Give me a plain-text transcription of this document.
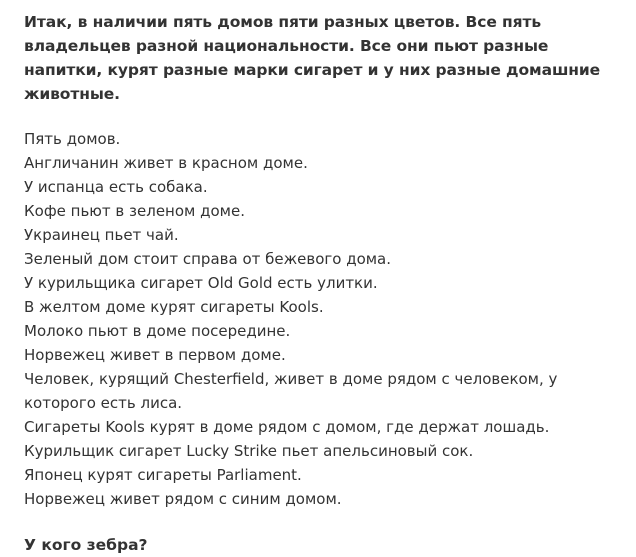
Итак, в наличии пять домов пяти разных цветов. Все пять владельцев разной национальности. Все они пьют разные напитки, курят разные марки сигарет и у них разные домашние животные.

Пять домов.
Англичанин живет в красном доме.
У испанца есть собака.
Кофе пьют в зеленом доме.
Украинец пьет чай.
Зеленый дом стоит справа от бежевого дома.
У курильщика сигарет Old Gold есть улитки.
В желтом доме курят сигареты Kools.
Молоко пьют в доме посередине.
Норвежец живет в первом доме.
Человек, курящий Chesterfield, живет в доме рядом с человеком, у которого есть лиса.
Сигареты Kools курят в доме рядом с домом, где держат лошадь.
Курильщик сигарет Lucky Strike пьет апельсиновый сок.
Японец курят сигареты Parliament.
Норвежец живет рядом с синим домом.

У кого зебра?
